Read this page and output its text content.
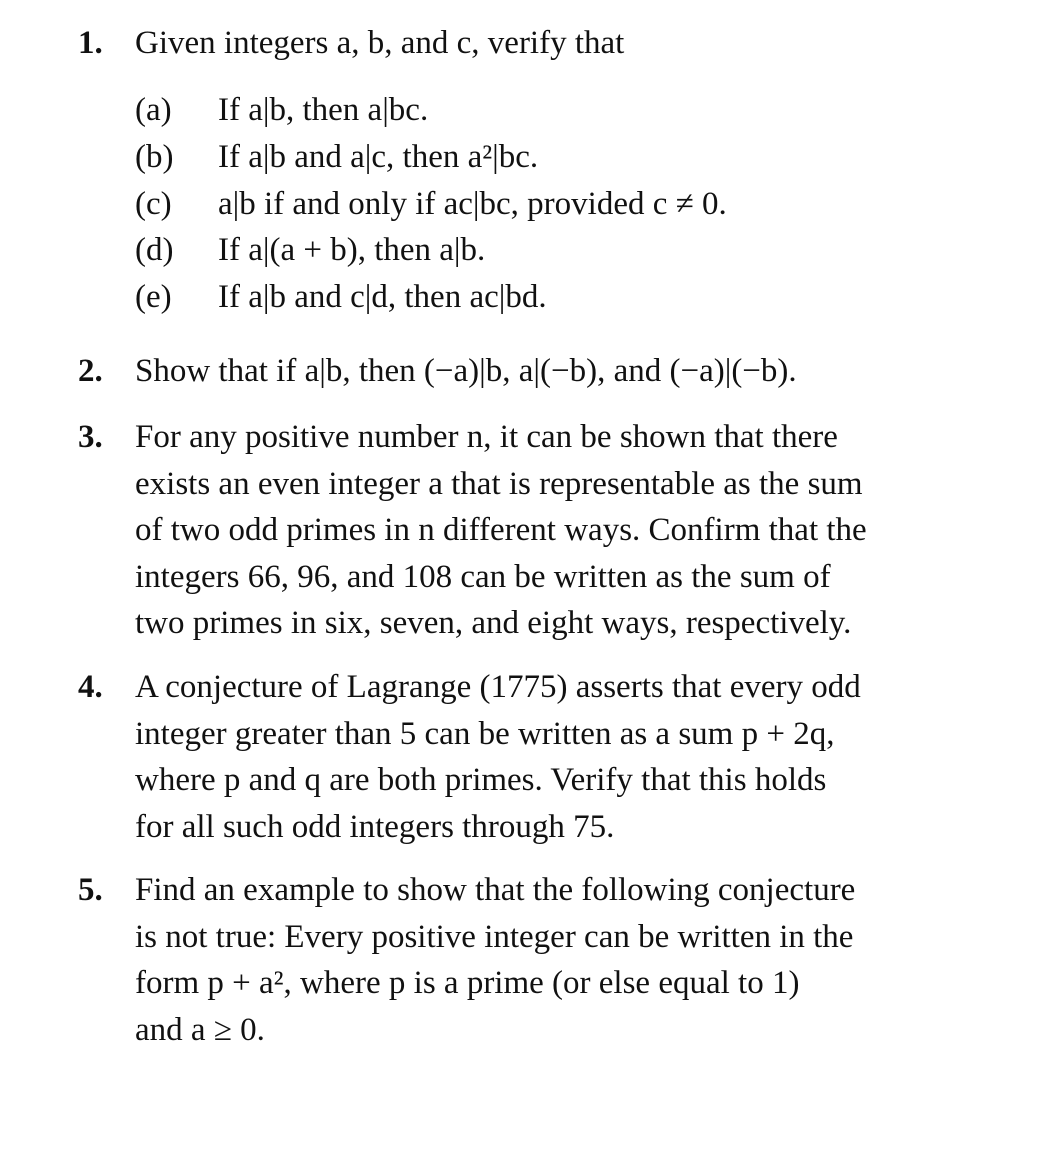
1. Given integers a, b, and c, verify that
(a) If a|b, then a|bc.
(b) If a|b and a|c, then a²|bc.
(c) a|b if and only if ac|bc, provided c ≠ 0.
(d) If a|(a + b), then a|b.
(e) If a|b and c|d, then ac|bd.
2. Show that if a|b, then (−a)|b, a|(−b), and (−a)|(−b).
3. For any positive number n, it can be shown that there
exists an even integer a that is representable as the sum
of two odd primes in n different ways. Confirm that the
integers 66, 96, and 108 can be written as the sum of
two primes in six, seven, and eight ways, respectively.
4. A conjecture of Lagrange (1775) asserts that every odd
integer greater than 5 can be written as a sum p + 2q,
where p and q are both primes. Verify that this holds
for all such odd integers through 75.
5. Find an example to show that the following conjecture
is not true: Every positive integer can be written in the
form p + a², where p is a prime (or else equal to 1)
and a ≥ 0.
